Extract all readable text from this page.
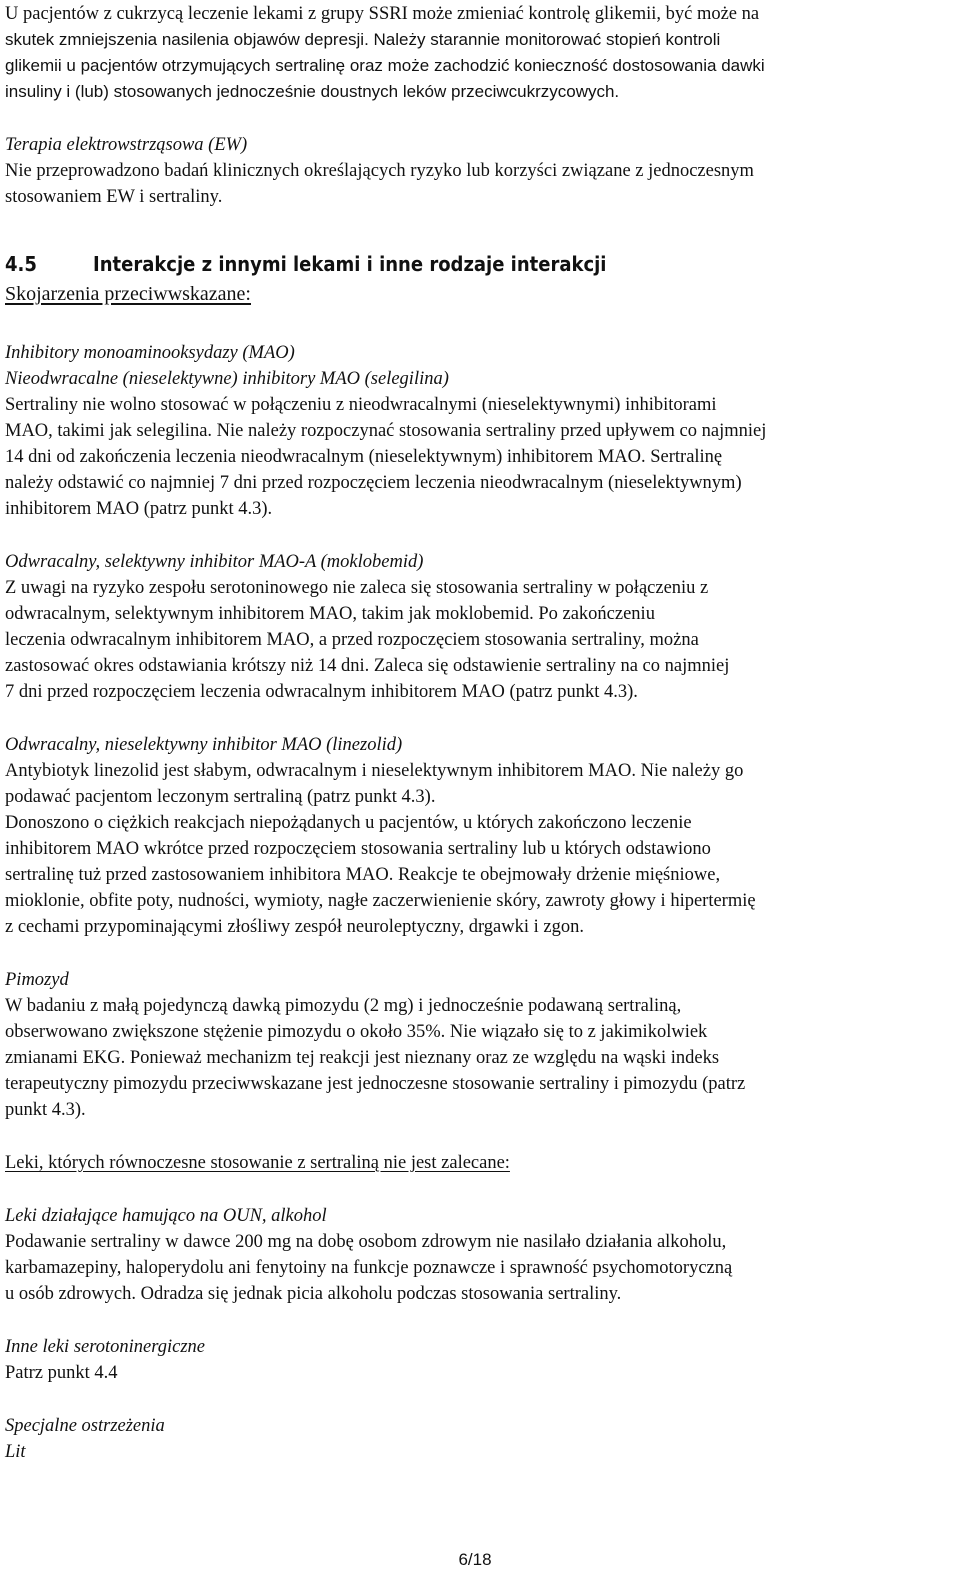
U pacjentów z cukrzycą leczenie lekami z grupy SSRI może zmieniać kontrolę glikemii, być może na
skutek zmniejszenia nasilenia objawów depresji. Należy starannie monitorować stopień kontroli
glikemii u pacjentów otrzymujących sertralinę oraz może zachodzić konieczność dostosowania dawki
insuliny i (lub) stosowanych jednocześnie doustnych leków przeciwcukrzycowych.
Terapia elektrowstrząsowa (EW)
Nie przeprowadzono badań klinicznych określających ryzyko lub korzyści związane z jednoczesnym
stosowaniem EW i sertraliny.
4.5	Interakcje z innymi lekami i inne rodzaje interakcji
Skojarzenia przeciwwskazane:
Inhibitory monoaminooksydazy (MAO)
Nieodwracalne (nieselektywne) inhibitory MAO (selegilina)
Sertraliny nie wolno stosować w połączeniu z nieodwracalnymi (nieselektywnymi) inhibitorami
MAO, takimi jak selegilina. Nie należy rozpoczynać stosowania sertraliny przed upływem co najmniej
14 dni od zakończenia leczenia nieodwracalnym (nieselektywnym) inhibitorem MAO. Sertralinę
należy odstawić co najmniej 7 dni przed rozpoczęciem leczenia nieodwracalnym (nieselektywnym)
inhibitorem MAO (patrz punkt 4.3).
Odwracalny, selektywny inhibitor MAO-A (moklobemid)
Z uwagi na ryzyko zespołu serotoninowego nie zaleca się stosowania sertraliny w połączeniu z
odwracalnym, selektywnym inhibitorem MAO, takim jak moklobemid. Po zakończeniu
leczenia odwracalnym inhibitorem MAO, a przed rozpoczęciem stosowania sertraliny, można
zastosować okres odstawiania krótszy niż 14 dni. Zaleca się odstawienie sertraliny na co najmniej
7 dni przed rozpoczęciem leczenia odwracalnym inhibitorem MAO (patrz punkt 4.3).
Odwracalny, nieselektywny inhibitor MAO (linezolid)
Antybiotyk linezolid jest słabym, odwracalnym i nieselektywnym inhibitorem MAO. Nie należy go
podawać pacjentom leczonym sertraliną (patrz punkt 4.3).
Donoszono o ciężkich reakcjach niepożądanych u pacjentów, u których zakończono leczenie
inhibitorem MAO wkrótce przed rozpoczęciem stosowania sertraliny lub u których odstawiono
sertralinę tuż przed zastosowaniem inhibitora MAO. Reakcje te obejmowały drżenie mięśniowe,
mioklonie, obfite poty, nudności, wymioty, nagłe zaczerwienienie skóry, zawroty głowy i hipertermię
z cechami przypominającymi złośliwy zespół neuroleptyczny, drgawki i zgon.
Pimozyd
W badaniu z małą pojedynczą dawką pimozydu (2 mg) i jednocześnie podawaną sertraliną,
obserwowano zwiększone stężenie pimozydu o około 35%. Nie wiązało się to z jakimikolwiek
zmianami EKG. Ponieważ mechanizm tej reakcji jest nieznany oraz ze względu na wąski indeks
terapeutyczny pimozydu przeciwwskazane jest jednoczesne stosowanie sertraliny i pimozydu (patrz
punkt 4.3).
Leki, których równoczesne stosowanie z sertraliną nie jest zalecane:
Leki działające hamująco na OUN, alkohol
Podawanie sertraliny w dawce 200 mg na dobę osobom zdrowym nie nasilało działania alkoholu,
karbamazepiny, haloperydolu ani fenytoiny na funkcje poznawcze i sprawność psychomotoryczną
u osób zdrowych. Odradza się jednak picia alkoholu podczas stosowania sertraliny.
Inne leki serotoninergiczne
Patrz punkt 4.4
Specjalne ostrzeżenia
Lit
6/18
